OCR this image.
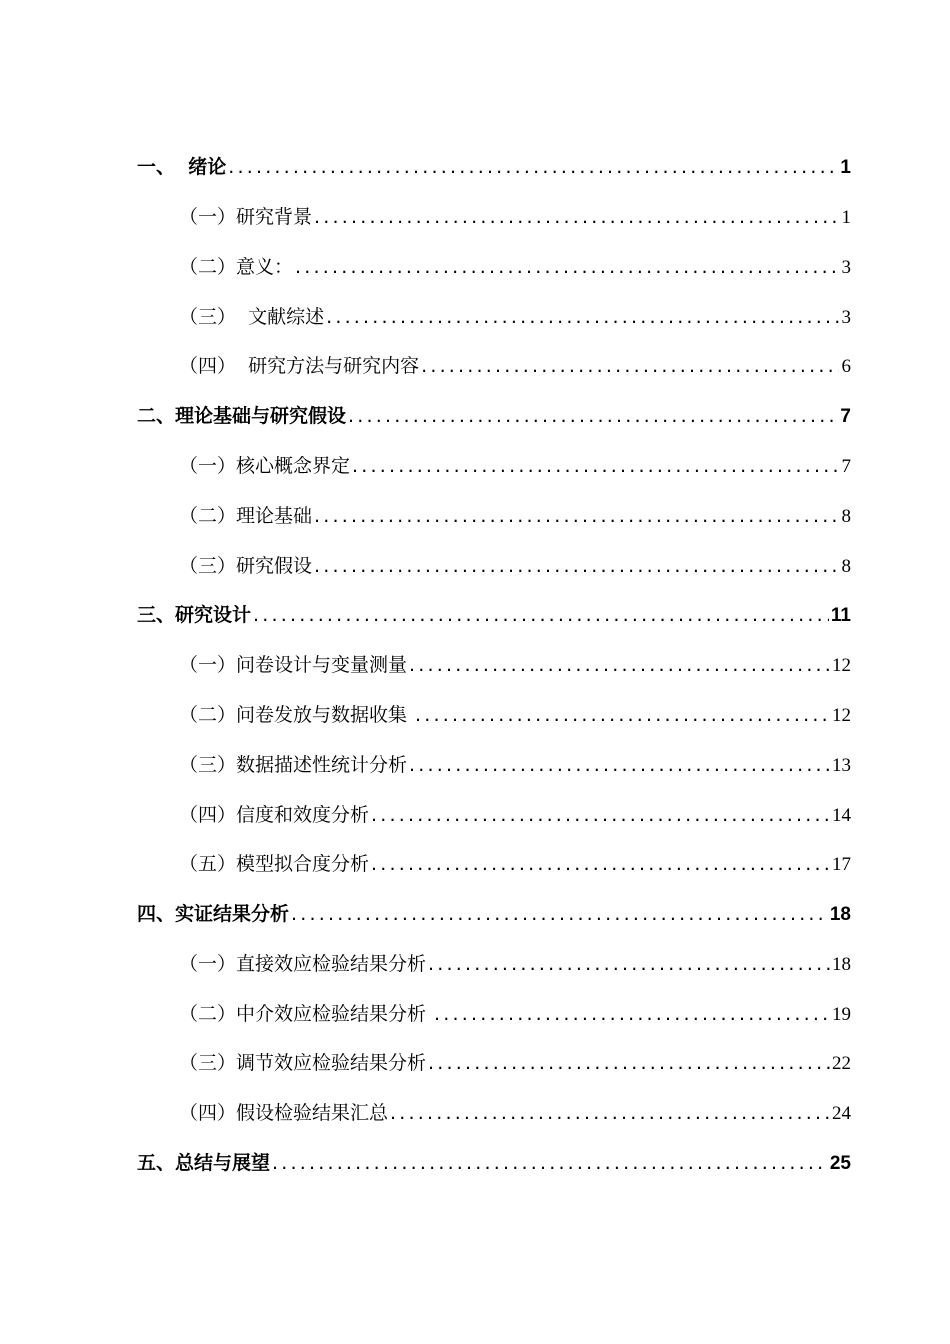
一、  绪论 .....	1
（一）研究背景 .....	1
（二）意义： .....	3
（三）  文献综述 .....	3
（四）  研究方法与研究内容 .....	6
二、理论基础与研究假设 .....	7
（一）核心概念界定 .....	7
（二）理论基础 .....	8
（三）研究假设 .....	8
三、研究设计 .....	11
（一）问卷设计与变量测量 .....	12
（二）问卷发放与数据收集 .....	12
（三）数据描述性统计分析 .....	13
（四）信度和效度分析 .....	14
（五）模型拟合度分析 .....	17
四、实证结果分析 .....	18
（一）直接效应检验结果分析 .....	18
（二）中介效应检验结果分析 .....	19
（三）调节效应检验结果分析 .....	22
（四）假设检验结果汇总 .....	24
五、总结与展望 .....	25
